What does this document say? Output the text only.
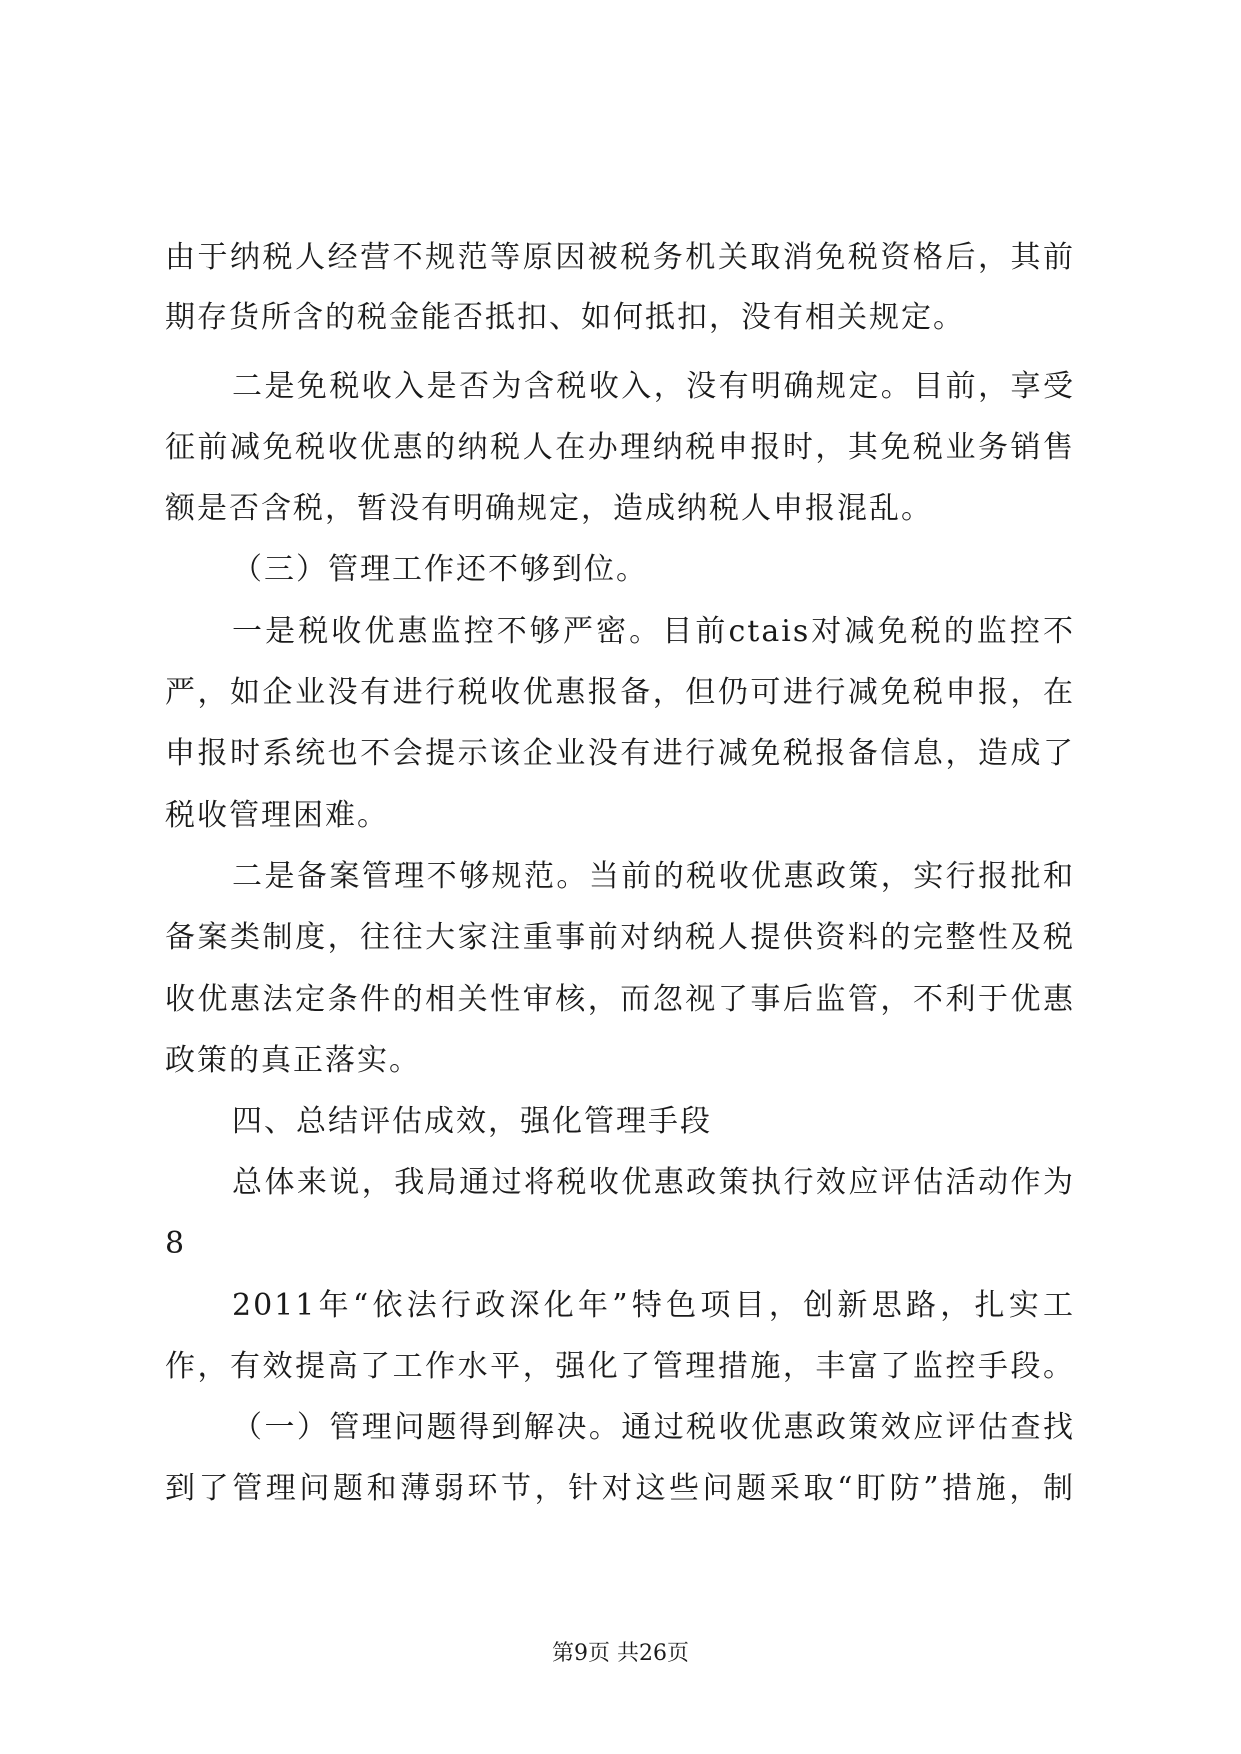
由于纳税人经营不规范等原因被税务机关取消免税资格后，其前
期存货所含的税金能否抵扣、如何抵扣，没有相关规定。
二是免税收入是否为含税收入，没有明确规定。目前，享受
征前减免税收优惠的纳税人在办理纳税申报时，其免税业务销售
额是否含税，暂没有明确规定，造成纳税人申报混乱。
（三）管理工作还不够到位。
一是税收优惠监控不够严密。目前ctais对减免税的监控不
严，如企业没有进行税收优惠报备，但仍可进行减免税申报，在
申报时系统也不会提示该企业没有进行减免税报备信息，造成了
税收管理困难。
二是备案管理不够规范。当前的税收优惠政策，实行报批和
备案类制度，往往大家注重事前对纳税人提供资料的完整性及税
收优惠法定条件的相关性审核，而忽视了事后监管，不利于优惠
政策的真正落实。
四、总结评估成效，强化管理手段
总体来说，我局通过将税收优惠政策执行效应评估活动作为
8
2011年“依法行政深化年”特色项目，创新思路，扎实工
作，有效提高了工作水平，强化了管理措施，丰富了监控手段。
（一）管理问题得到解决。通过税收优惠政策效应评估查找
到了管理问题和薄弱环节，针对这些问题采取“盯防”措施，制
第9页 共26页
